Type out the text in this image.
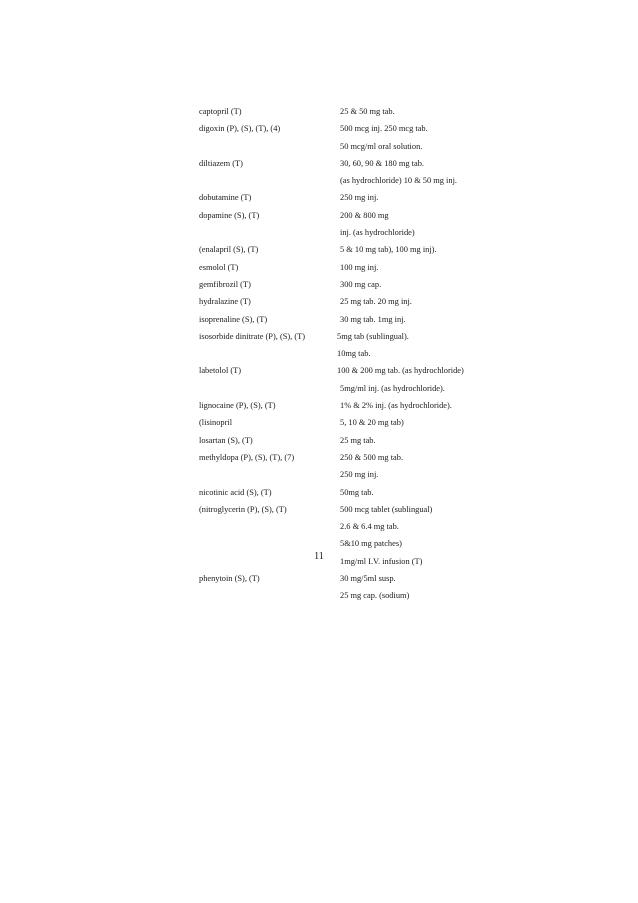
captopril (T)	25 & 50 mg tab.
digoxin (P), (S), (T), (4)	500 mcg inj. 250 mcg tab.
50 mcg/ml oral solution.
diltiazem (T)	30, 60, 90 & 180 mg tab.
(as hydrochloride) 10 & 50 mg inj.
dobutamine (T)	250 mg inj.
dopamine (S), (T)	200 & 800 mg
inj. (as hydrochloride)
(enalapril (S), (T)	5 & 10 mg tab), 100 mg inj).
esmolol (T)	100 mg inj.
gemfibrozil (T)	300 mg cap.
hydralazine (T)	25 mg tab. 20 mg inj.
isoprenaline (S), (T)	30 mg tab. 1mg inj.
isosorbide dinitrate (P), (S), (T)	5mg tab (sublingual).
10mg tab.
labetolol (T)	100 & 200 mg tab. (as hydrochloride)
5mg/ml inj. (as hydrochloride).
lignocaine (P), (S), (T)	1% & 2% inj. (as hydrochloride).
(lisinopril	5, 10 & 20 mg tab)
losartan (S), (T)	25 mg tab.
methyldopa (P), (S), (T), (7)	250 & 500 mg tab.
250 mg inj.
nicotinic acid (S), (T)	50mg tab.
(nitroglycerin (P), (S), (T)	500 mcg tablet (sublingual)
2.6 & 6.4 mg tab.
5&10 mg patches)
1mg/ml I.V. infusion (T)
phenytoin (S), (T)	30 mg/5ml susp.
25 mg cap. (sodium)
11
